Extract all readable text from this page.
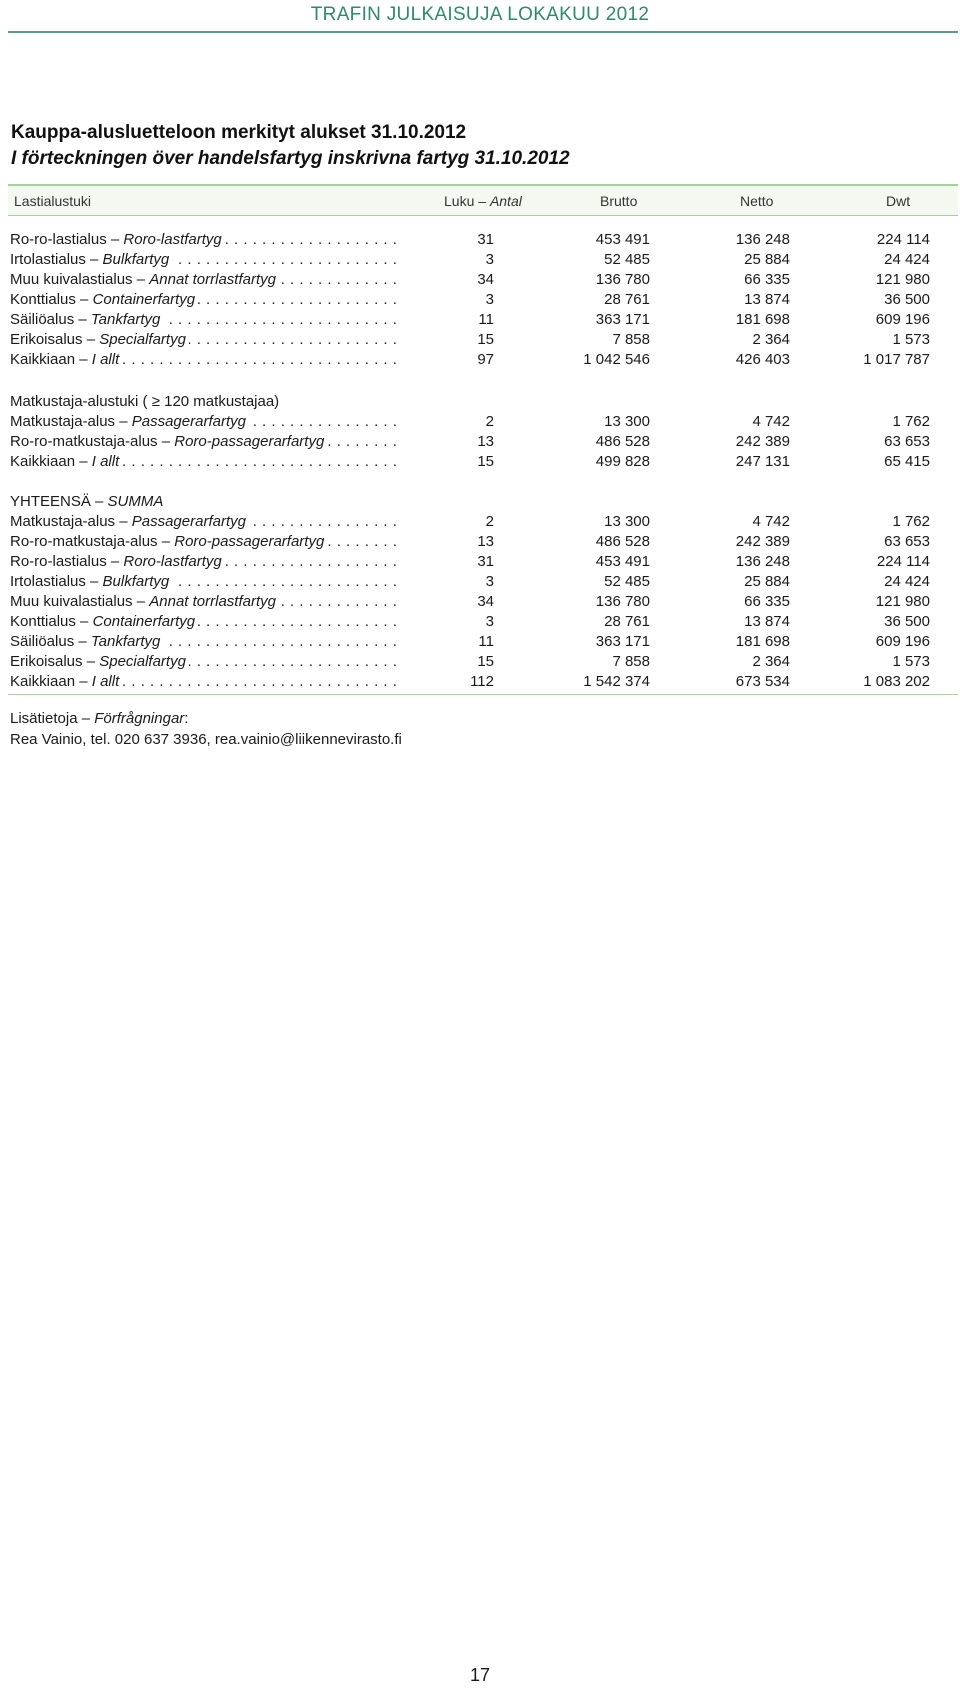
TRAFIN JULKAISUJA LOKAKUU 2012
Kauppa-alusluetteloon merkityt alukset 31.10.2012
I förteckningen över handelsfartyg inskrivna fartyg 31.10.2012
Lastialustuki	Luku – Antal	Brutto	Netto	Dwt
Ro-ro-lastialus – Roro-lastfartyg . . .	31	453 491	136 248	224 114
Irtolastialus – Bulkfartyg . . .	3	52 485	25 884	24 424
Muu kuivalastialus – Annat torrlastfartyg . . .	34	136 780	66 335	121 980
Konttialus – Containerfartyg . . .	3	28 761	13 874	36 500
Säiliöalus – Tankfartyg . . .	11	363 171	181 698	609 196
Erikoisalus – Specialfartyg . . .	15	7 858	2 364	1 573
Kaikkiaan – I allt . . .	97	1 042 546	426 403	1 017 787
Matkustaja-alustuki ( ≥ 120 matkustajaa)
Matkustaja-alus – Passagerarfartyg . . .	2	13 300	4 742	1 762
Ro-ro-matkustaja-alus – Roro-passagerarfartyg . . .	13	486 528	242 389	63 653
Kaikkiaan – I allt . . .	15	499 828	247 131	65 415
YHTEENSÄ – SUMMA
Matkustaja-alus – Passagerarfartyg . . .	2	13 300	4 742	1 762
Ro-ro-matkustaja-alus – Roro-passagerarfartyg . . .	13	486 528	242 389	63 653
Ro-ro-lastialus – Roro-lastfartyg . . .	31	453 491	136 248	224 114
Irtolastialus – Bulkfartyg . . .	3	52 485	25 884	24 424
Muu kuivalastialus – Annat torrlastfartyg . . .	34	136 780	66 335	121 980
Konttialus – Containerfartyg . . .	3	28 761	13 874	36 500
Säiliöalus – Tankfartyg . . .	11	363 171	181 698	609 196
Erikoisalus – Specialfartyg . . .	15	7 858	2 364	1 573
Kaikkiaan – I allt . . .	112	1 542 374	673 534	1 083 202
Lisätietoja – Förfrågningar:
Rea Vainio, tel. 020 637 3936, rea.vainio@liikennevirasto.fi
17
